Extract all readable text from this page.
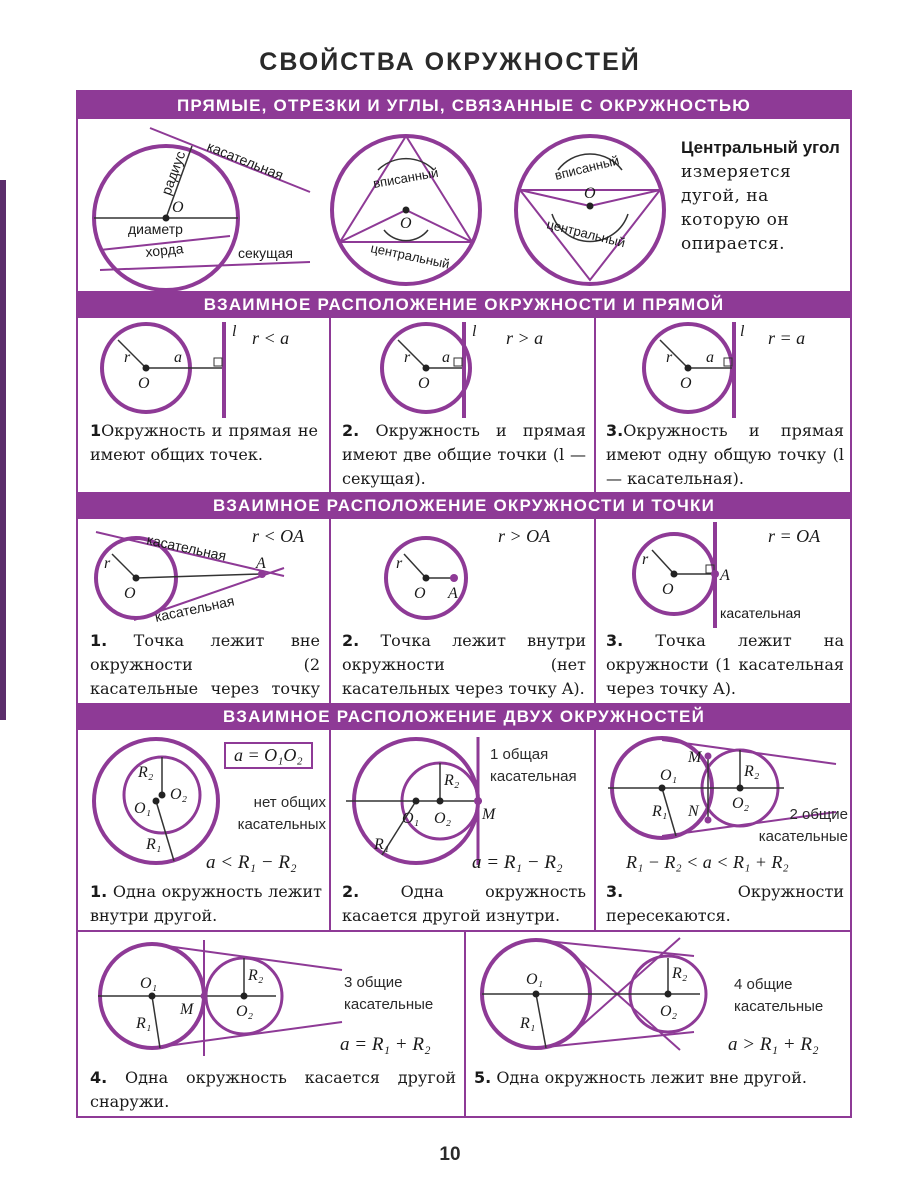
СВОЙСТВА ОКРУЖНОСТЕЙ
ПРЯМЫЕ, ОТРЕЗКИ И УГЛЫ, СВЯЗАННЫЕ С ОКРУЖНОСТЬЮ
O
радиус касательная
диаметр
хорда	секущая
вписанный
O
центральный
вписанный
O
центральный
Центральный угол
измеряется дугой, на которую он опирается.
ВЗАИМНОЕ РАСПОЛОЖЕНИЕ ОКРУЖНОСТИ И ПРЯМОЙ
r	a
O
l r < a
1Окружность и прямая не имеют общих точек.
r a
O
l r > a
2. Окружность и прямая имеют две общие точки (l — секущая).
r a
O
l r = a
3.Окружность и прямая имеют одну общую точку (l — касательная).
ВЗАИМНОЕ РАСПОЛОЖЕНИЕ ОКРУЖНОСТИ И ТОЧКИ
касательная
касательная
r
O
A
r < OA
1. Точка лежит вне окружности (2 касательные через точку
r
O A
r > OA
2. Точка лежит внутри окружности (нет касательных через точку A).
r
O
A
касательная
r = OA
3. Точка лежит на окружности (1 касательная через точку A).
ВЗАИМНОЕ РАСПОЛОЖЕНИЕ ДВУХ ОКРУЖНОСТЕЙ
R₂
O₂
O₁
R₁
a = O₁O₂
нет общих касательных
a < R₁ − R₂
1. Одна окружность лежит внутри другой.
R₂
O₁ O₂ M
R₁
1 общая касательная
a = R₁ − R₂
2.	Одна окружность касается другой изнутри.
O₁
M
R₂
O₂
R₁ N	2 общие касательные
R₁ − R₂ < a < R₁ + R₂
3.	Окружности пересекаются.
O₁	R₂
O₂
M
R₁
3 общие касательные
a = R₁ + R₂
4. Одна окружность касается другой снаружи.
O₁	R₂
O₂
R₁
4 общие касательные
a > R₁ + R₂
5. Одна окружность лежит вне другой.
10
